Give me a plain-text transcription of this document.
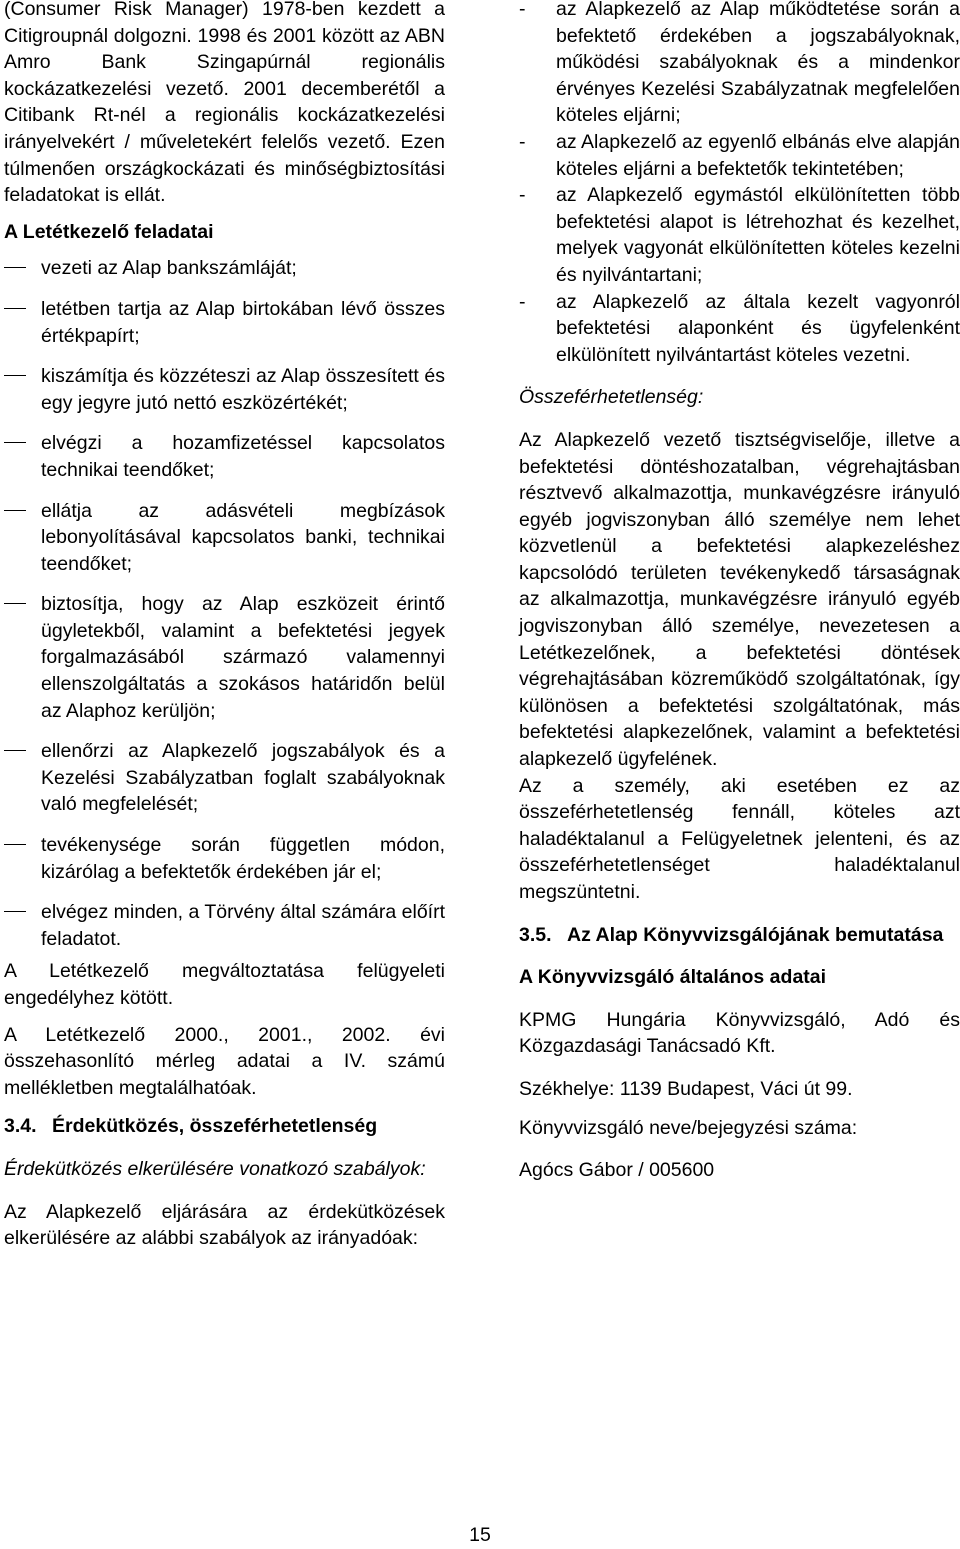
(Consumer Risk Manager) 1978-ben kezdett a Citigroupnál dolgozni. 1998 és 2001 között az ABN Amro Bank Szingapúrnál regionális kockázatkezelési vezető. 2001 decemberétől a Citibank Rt-nél a regionális kockázatkezelési irányelvekért / műveletekért felelős vezető. Ezen túlmenően országkockázati és minőségbiztosítási feladatokat is ellát.

A Letétkezelő feladatai

vezeti az Alap bankszámláját;
letétben tartja az Alap birtokában lévő összes értékpapírt;
kiszámítja és közzéteszi az Alap összesített és egy jegyre jutó nettó eszközértékét;
elvégzi a hozamfizetéssel kapcsolatos technikai teendőket;
ellátja az adásvételi megbízások lebonyolításával kapcsolatos banki, technikai teendőket;
biztosítja, hogy az Alap eszközeit érintő ügyletekből, valamint a befektetési jegyek forgalmazásából származó valamennyi ellenszolgáltatás a szokásos határidőn belül az Alaphoz kerüljön;
ellenőrzi az Alapkezelő jogszabályok és a Kezelési Szabályzatban foglalt szabályoknak való megfelelését;
tevékenysége során független módon, kizárólag a befektetők érdekében jár el;
elvégez minden, a Törvény által számára előírt feladatot.

A Letétkezelő megváltoztatása felügyeleti engedélyhez kötött.

A Letétkezelő 2000., 2001., 2002. évi összehasonlító mérleg adatai a IV. számú mellékletben megtalálhatóak.

3.4. Érdekütközés, összeférhetetlenség

Érdekütközés elkerülésére vonatkozó szabályok:

Az Alapkezelő eljárására az érdekütközések elkerülésére az alábbi szabályok az irányadóak:

- az Alapkezelő az Alap működtetése során a befektető érdekében a jogszabályoknak, működési szabályoknak és a mindenkor érvényes Kezelési Szabályzatnak megfelelően köteles eljárni;
- az Alapkezelő az egyenlő elbánás elve alapján köteles eljárni a befektetők tekintetében;
- az Alapkezelő egymástól elkülönítetten több befektetési alapot is létrehozhat és kezelhet, melyek vagyonát elkülönítetten köteles kezelni és nyilvántartani;
- az Alapkezelő az általa kezelt vagyonról befektetési alaponként és ügyfelenként elkülönített nyilvántartást köteles vezetni.

Összeférhetetlenség:

Az Alapkezelő vezető tisztségviselője, illetve a befektetési döntéshozatalban, végrehajtásban résztvevő alkalmazottja, munkavégzésre irányuló egyéb jogviszonyban álló személye nem lehet közvetlenül a befektetési alapkezeléshez kapcsolódó területen tevékenykedő társaságnak az alkalmazottja, munkavégzésre irányuló egyéb jogviszonyban álló személye, nevezetesen a Letétkezelőnek, a befektetési döntések végrehajtásában közreműködő szolgáltatónak, így különösen a befektetési szolgáltatónak, más befektetési alapkezelőnek, valamint a befektetési alapkezelő ügyfelének.

Az a személy, aki esetében ez az összeférhetetlenség fennáll, köteles azt haladéktalanul a Felügyeletnek jelenteni, és az összeférhetetlenséget haladéktalanul megszüntetni.

3.5. Az Alap Könyvvizsgálójának bemutatása

A Könyvvizsgáló általános adatai

KPMG Hungária Könyvvizsgáló, Adó és Közgazdasági Tanácsadó Kft.

Székhelye: 1139 Budapest, Váci út 99.

Könyvvizsgáló neve/bejegyzési száma:

Agócs Gábor / 005600

15
